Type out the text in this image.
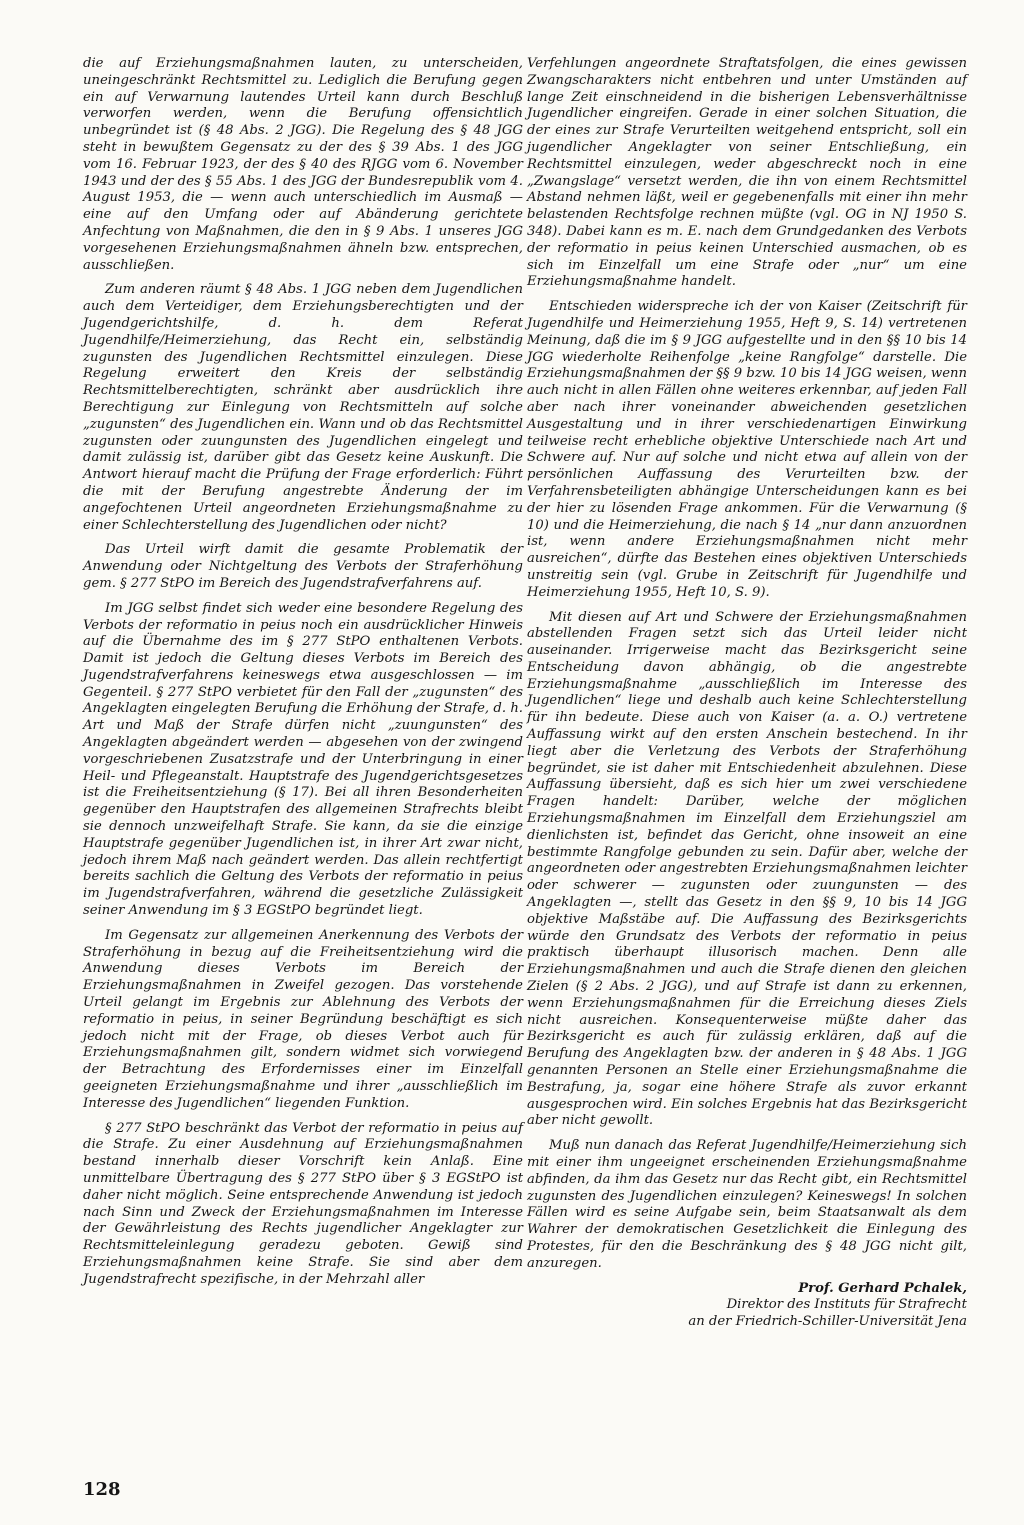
die auf Erziehungsmaßnahmen lauten, zu unterscheiden, uneingeschränkt Rechtsmittel zu. Lediglich die Berufung gegen ein auf Verwarnung lautendes Urteil kann durch Beschluß verworfen werden, wenn die Berufung offensichtlich unbegründet ist (§ 48 Abs. 2 JGG). Die Regelung des § 48 JGG steht in bewußtem Gegensatz zu der des § 39 Abs. 1 des JGG vom 16. Februar 1923, der des § 40 des RJGG vom 6. November 1943 und der des § 55 Abs. 1 des JGG der Bundesrepublik vom 4. August 1953, die — wenn auch unterschiedlich im Ausmaß — eine auf den Umfang oder auf Abänderung gerichtete Anfechtung von Maßnahmen, die den in § 9 Abs. 1 unseres JGG vorgesehenen Erziehungsmaßnahmen ähneln bzw. entsprechen, ausschließen.

Zum anderen räumt § 48 Abs. 1 JGG neben dem Jugendlichen auch dem Verteidiger, dem Erziehungsberechtigten und der Jugendgerichtshilfe, d. h. dem Referat Jugendhilfe/Heimerziehung, das Recht ein, selbständig zugunsten des Jugendlichen Rechtsmittel einzulegen. Diese Regelung erweitert den Kreis der selbständig Rechtsmittelberechtigten, schränkt aber ausdrücklich ihre Berechtigung zur Einlegung von Rechtsmitteln auf solche „zugunsten“ des Jugendlichen ein. Wann und ob das Rechtsmittel zugunsten oder zuungunsten des Jugendlichen eingelegt und damit zulässig ist, darüber gibt das Gesetz keine Auskunft. Die Antwort hierauf macht die Prüfung der Frage erforderlich: Führt die mit der Berufung angestrebte Änderung der im angefochtenen Urteil angeordneten Erziehungsmaßnahme zu einer Schlechterstellung des Jugendlichen oder nicht?

Das Urteil wirft damit die gesamte Problematik der Anwendung oder Nichtgeltung des Verbots der Straferhöhung gem. § 277 StPO im Bereich des Jugendstrafverfahrens auf.

Im JGG selbst findet sich weder eine besondere Regelung des Verbots der reformatio in peius noch ein ausdrücklicher Hinweis auf die Übernahme des im § 277 StPO enthaltenen Verbots. Damit ist jedoch die Geltung dieses Verbots im Bereich des Jugendstrafverfahrens keineswegs etwa ausgeschlossen — im Gegenteil. § 277 StPO verbietet für den Fall der „zugunsten“ des Angeklagten eingelegten Berufung die Erhöhung der Strafe, d. h. Art und Maß der Strafe dürfen nicht „zuungunsten“ des Angeklagten abgeändert werden — abgesehen von der zwingend vorgeschriebenen Zusatzstrafe und der Unterbringung in einer Heil- und Pflegeanstalt. Hauptstrafe des Jugendgerichtsgesetzes ist die Freiheitsentziehung (§ 17). Bei all ihren Besonderheiten gegenüber den Hauptstrafen des allgemeinen Strafrechts bleibt sie dennoch unzweifelhaft Strafe. Sie kann, da sie die einzige Hauptstrafe gegenüber Jugendlichen ist, in ihrer Art zwar nicht, jedoch ihrem Maß nach geändert werden. Das allein rechtfertigt bereits sachlich die Geltung des Verbots der reformatio in peius im Jugendstrafverfahren, während die gesetzliche Zulässigkeit seiner Anwendung im § 3 EGStPO begründet liegt.

Im Gegensatz zur allgemeinen Anerkennung des Verbots der Straferhöhung in bezug auf die Freiheitsentziehung wird die Anwendung dieses Verbots im Bereich der Erziehungsmaßnahmen in Zweifel gezogen. Das vorstehende Urteil gelangt im Ergebnis zur Ablehnung des Verbots der reformatio in peius, in seiner Begründung beschäftigt es sich jedoch nicht mit der Frage, ob dieses Verbot auch für Erziehungsmaßnahmen gilt, sondern widmet sich vorwiegend der Betrachtung des Erfordernisses einer im Einzelfall geeigneten Erziehungsmaßnahme und ihrer „ausschließlich im Interesse des Jugendlichen“ liegenden Funktion.

§ 277 StPO beschränkt das Verbot der reformatio in peius auf die Strafe. Zu einer Ausdehnung auf Erziehungsmaßnahmen bestand innerhalb dieser Vorschrift kein Anlaß. Eine unmittelbare Übertragung des § 277 StPO über § 3 EGStPO ist daher nicht möglich. Seine entsprechende Anwendung ist jedoch nach Sinn und Zweck der Erziehungsmaßnahmen im Interesse der Gewährleistung des Rechts jugendlicher Angeklagter zur Rechtsmitteleinlegung geradezu geboten. Gewiß sind Erziehungsmaßnahmen keine Strafe. Sie sind aber dem Jugendstrafrecht spezifische, in der Mehrzahl aller

Verfehlungen angeordnete Straftatsfolgen, die eines gewissen Zwangscharakters nicht entbehren und unter Umständen auf lange Zeit einschneidend in die bisherigen Lebensverhältnisse Jugendlicher eingreifen. Gerade in einer solchen Situation, die der eines zur Strafe Verurteilten weitgehend entspricht, soll ein jugendlicher Angeklagter von seiner Entschließung, ein Rechtsmittel einzulegen, weder abgeschreckt noch in eine „Zwangslage“ versetzt werden, die ihn von einem Rechtsmittel Abstand nehmen läßt, weil er gegebenenfalls mit einer ihn mehr belastenden Rechtsfolge rechnen müßte (vgl. OG in NJ 1950 S. 348). Dabei kann es m. E. nach dem Grundgedanken des Verbots der reformatio in peius keinen Unterschied ausmachen, ob es sich im Einzelfall um eine Strafe oder „nur“ um eine Erziehungsmaßnahme handelt.

Entschieden widerspreche ich der von Kaiser (Zeitschrift für Jugendhilfe und Heimerziehung 1955, Heft 9, S. 14) vertretenen Meinung, daß die im § 9 JGG aufgestellte und in den §§ 10 bis 14 JGG wiederholte Reihenfolge „keine Rangfolge“ darstelle. Die Erziehungsmaßnahmen der §§ 9 bzw. 10 bis 14 JGG weisen, wenn auch nicht in allen Fällen ohne weiteres erkennbar, auf jeden Fall aber nach ihrer voneinander abweichenden gesetzlichen Ausgestaltung und in ihrer verschiedenartigen Einwirkung teilweise recht erhebliche objektive Unterschiede nach Art und Schwere auf. Nur auf solche und nicht etwa auf allein von der persönlichen Auffassung des Verurteilten bzw. der Verfahrensbeteiligten abhängige Unterscheidungen kann es bei der hier zu lösenden Frage ankommen. Für die Verwarnung (§ 10) und die Heimerziehung, die nach § 14 „nur dann anzuordnen ist, wenn andere Erziehungsmaßnahmen nicht mehr ausreichen“, dürfte das Bestehen eines objektiven Unterschieds unstreitig sein (vgl. Grube in Zeitschrift für Jugendhilfe und Heimerziehung 1955, Heft 10, S. 9).

Mit diesen auf Art und Schwere der Erziehungsmaßnahmen abstellenden Fragen setzt sich das Urteil leider nicht auseinander. Irrigerweise macht das Bezirksgericht seine Entscheidung davon abhängig, ob die angestrebte Erziehungsmaßnahme „ausschließlich im Interesse des Jugendlichen“ liege und deshalb auch keine Schlechterstellung für ihn bedeute. Diese auch von Kaiser (a. a. O.) vertretene Auffassung wirkt auf den ersten Anschein bestechend. In ihr liegt aber die Verletzung des Verbots der Straferhöhung begründet, sie ist daher mit Entschiedenheit abzulehnen. Diese Auffassung übersieht, daß es sich hier um zwei verschiedene Fragen handelt: Darüber, welche der möglichen Erziehungsmaßnahmen im Einzelfall dem Erziehungsziel am dienlichsten ist, befindet das Gericht, ohne insoweit an eine bestimmte Rangfolge gebunden zu sein. Dafür aber, welche der angeordneten oder angestrebten Erziehungsmaßnahmen leichter oder schwerer — zugunsten oder zuungunsten — des Angeklagten —, stellt das Gesetz in den §§ 9, 10 bis 14 JGG objektive Maßstäbe auf. Die Auffassung des Bezirksgerichts würde den Grundsatz des Verbots der reformatio in peius praktisch überhaupt illusorisch machen. Denn alle Erziehungsmaßnahmen und auch die Strafe dienen den gleichen Zielen (§ 2 Abs. 2 JGG), und auf Strafe ist dann zu erkennen, wenn Erziehungsmaßnahmen für die Erreichung dieses Ziels nicht ausreichen. Konsequenterweise müßte daher das Bezirksgericht es auch für zulässig erklären, daß auf die Berufung des Angeklagten bzw. der anderen in § 48 Abs. 1 JGG genannten Personen an Stelle einer Erziehungsmaßnahme die Bestrafung, ja, sogar eine höhere Strafe als zuvor erkannt ausgesprochen wird. Ein solches Ergebnis hat das Bezirksgericht aber nicht gewollt.

Muß nun danach das Referat Jugendhilfe/Heimerziehung sich mit einer ihm ungeeignet erscheinenden Erziehungsmaßnahme abfinden, da ihm das Gesetz nur das Recht gibt, ein Rechtsmittel zugunsten des Jugendlichen einzulegen? Keineswegs! In solchen Fällen wird es seine Aufgabe sein, beim Staatsanwalt als dem Wahrer der demokratischen Gesetzlichkeit die Einlegung des Protestes, für den die Beschränkung des § 48 JGG nicht gilt, anzuregen.

Prof. Gerhard Pchalek,
Direktor des Instituts für Strafrecht
an der Friedrich-Schiller-Universität Jena
128
